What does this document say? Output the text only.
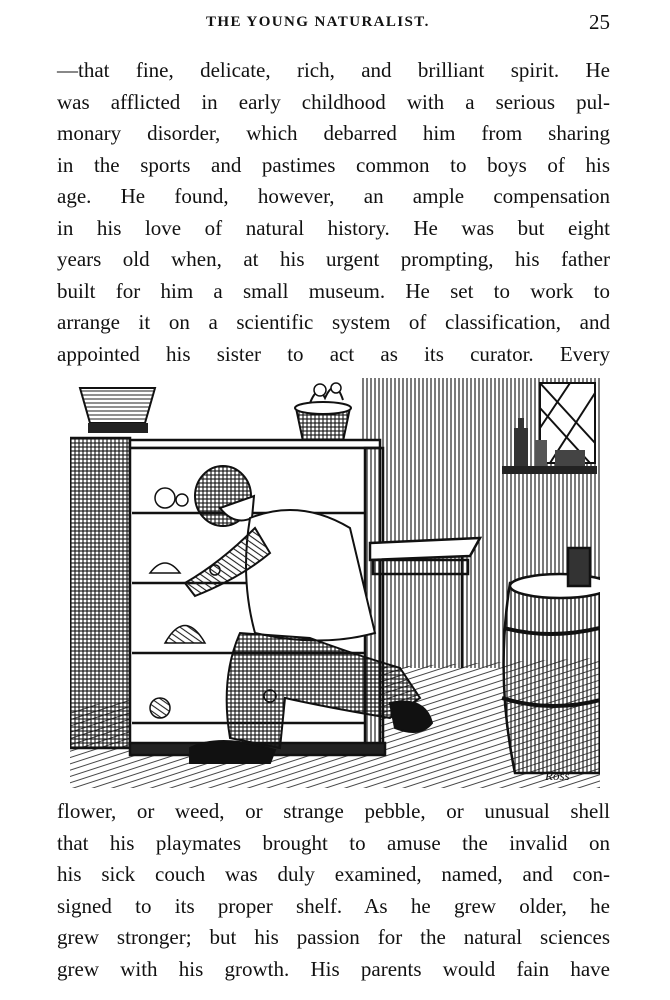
THE YOUNG NATURALIST.	25
—that fine, delicate, rich, and brilliant spirit. He
was afflicted in early childhood with a serious pul-
monary disorder, which debarred him from sharing
in the sports and pastimes common to boys of his
age. He found, however, an ample compensation
in his love of natural history. He was but eight
years old when, at his urgent prompting, his father
built for him a small museum. He set to work to
arrange it on a scientific system of classification, and
appointed his sister to act as its curator. Every
Ross
flower, or weed, or strange pebble, or unusual shell
that his playmates brought to amuse the invalid on
his sick couch was duly examined, named, and con-
signed to its proper shelf. As he grew older, he
grew stronger; but his passion for the natural sciences
grew with his growth. His parents would fain have
